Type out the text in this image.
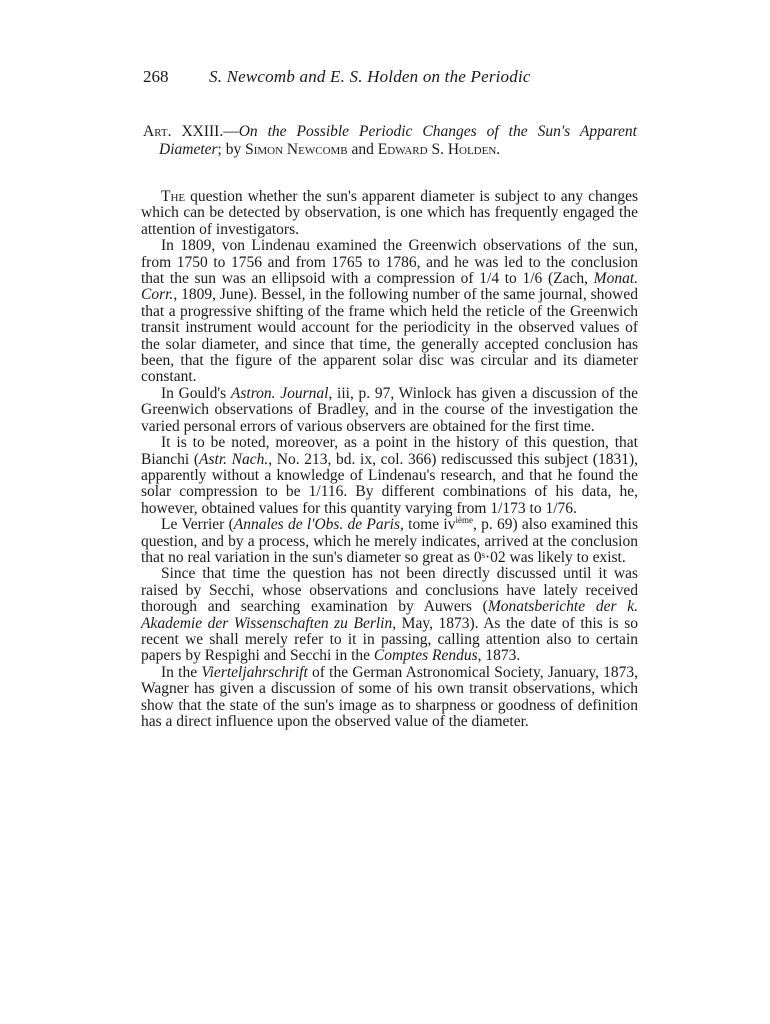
268 S. Newcomb and E. S. Holden on the Periodic

Art. XXIII.—On the Possible Periodic Changes of the Sun's Apparent Diameter; by Simon Newcomb and Edward S. Holden.

The question whether the sun's apparent diameter is subject to any changes which can be detected by observation, is one which has frequently engaged the attention of investigators.

In 1809, von Lindenau examined the Greenwich observations of the sun, from 1750 to 1756 and from 1765 to 1786, and he was led to the conclusion that the sun was an ellipsoid with a compression of 1/4 to 1/6 (Zach, Monat. Corr., 1809, June). Bessel, in the following number of the same journal, showed that a progressive shifting of the frame which held the reticle of the Greenwich transit instrument would account for the periodicity in the observed values of the solar diameter, and since that time, the generally accepted conclusion has been, that the figure of the apparent solar disc was circular and its diameter constant.

In Gould's Astron. Journal, iii, p. 97, Winlock has given a discussion of the Greenwich observations of Bradley, and in the course of the investigation the varied personal errors of various observers are obtained for the first time.

It is to be noted, moreover, as a point in the history of this question, that Bianchi (Astr. Nach., No. 213, bd. ix, col. 366) rediscussed this subject (1831), apparently without a knowledge of Lindenau's research, and that he found the solar compression to be 1/116. By different combinations of his data, he, however, obtained values for this quantity varying from 1/173 to 1/76.

Le Verrier (Annales de l'Obs. de Paris, tome $iv^{ième}$, p. 69) also examined this question, and by a process, which he merely indicates, arrived at the conclusion that no real variation in the sun's diameter so great as 0ˢ·02 was likely to exist.

Since that time the question has not been directly discussed until it was raised by Secchi, whose observations and conclusions have lately received thorough and searching examination by Auwers (Monatsberichte der k. Akademie der Wissenschaften zu Berlin, May, 1873). As the date of this is so recent we shall merely refer to it in passing, calling attention also to certain papers by Respighi and Secchi in the Comptes Rendus, 1873.

In the Vierteljahrschrift of the German Astronomical Society, January, 1873, Wagner has given a discussion of some of his own transit observations, which show that the state of the sun's image as to sharpness or goodness of definition has a direct influence upon the observed value of the diameter.
